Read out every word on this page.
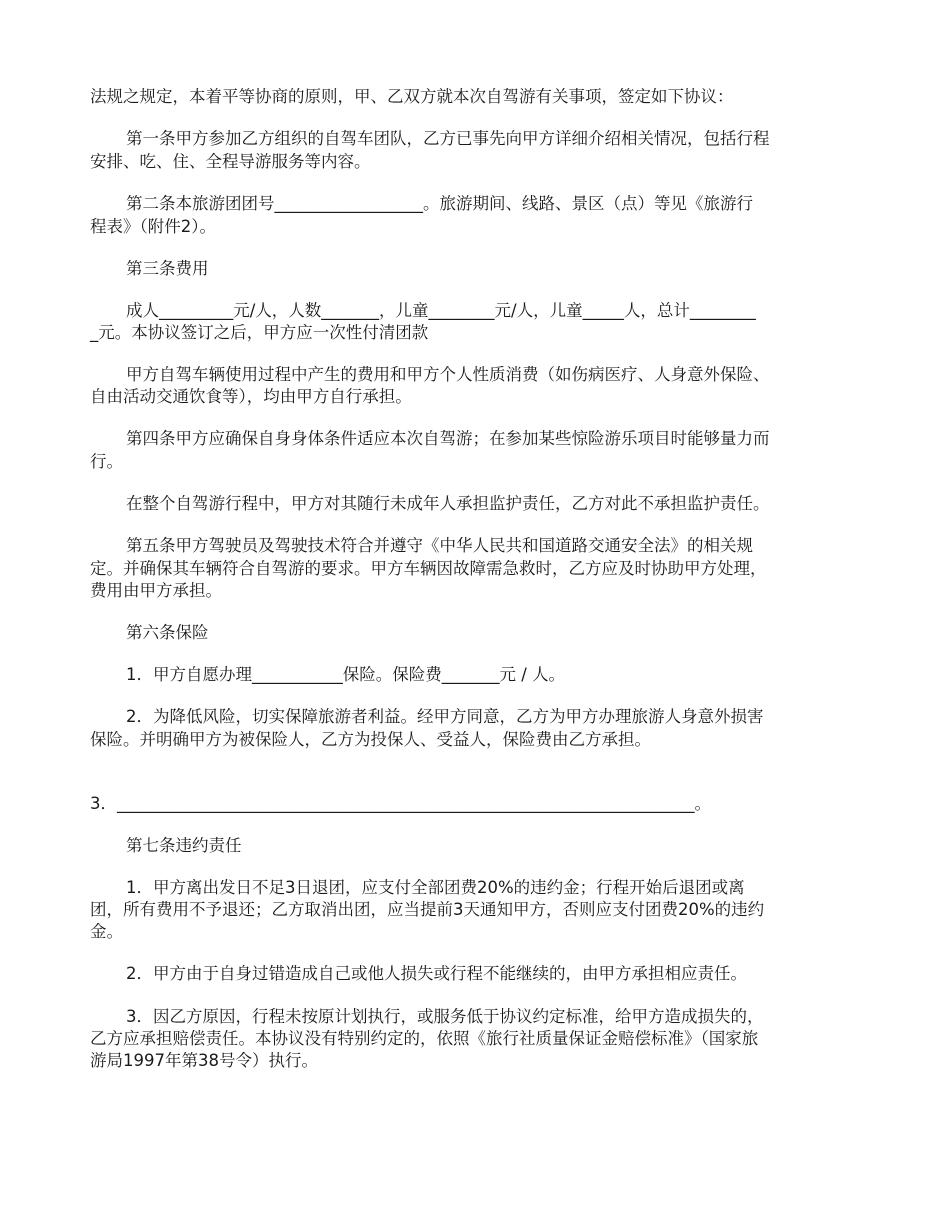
法规之规定，本着平等协商的原则，甲、乙双方就本次自驾游有关事项，签定如下协议：
第一条甲方参加乙方组织的自驾车团队，乙方已事先向甲方详细介绍相关情况，包括行程
安排、吃、住、全程导游服务等内容。
第二条本旅游团团号__________________。旅游期间、线路、景区（点）等见《旅游行
程表》（附件2）。
第三条费用
成人_________元/人，人数_______，儿童________元/人，儿童_____人，总计________
_元。本协议签订之后，甲方应一次性付清团款
甲方自驾车辆使用过程中产生的费用和甲方个人性质消费（如伤病医疗、人身意外保险、
自由活动交通饮食等），均由甲方自行承担。
第四条甲方应确保自身身体条件适应本次自驾游；在参加某些惊险游乐项目时能够量力而
行。
在整个自驾游行程中，甲方对其随行未成年人承担监护责任，乙方对此不承担监护责任。
第五条甲方驾驶员及驾驶技术符合并遵守《中华人民共和国道路交通安全法》的相关规
定。并确保其车辆符合自驾游的要求。甲方车辆因故障需急救时，乙方应及时协助甲方处理，
费用由甲方承担。
第六条保险
1．甲方自愿办理___________保险。保险费_______元 / 人。
2．为降低风险，切实保障旅游者利益。经甲方同意，乙方为甲方办理旅游人身意外损害
保险。并明确甲方为被保险人，乙方为投保人、受益人，保险费由乙方承担。
3．______________________________________________________________________。
第七条违约责任
1．甲方离出发日不足3日退团，应支付全部团费20%的违约金；行程开始后退团或离
团，所有费用不予退还；乙方取消出团，应当提前3天通知甲方，否则应支付团费20%的违约
金。
2．甲方由于自身过错造成自己或他人损失或行程不能继续的，由甲方承担相应责任。
3．因乙方原因，行程未按原计划执行，或服务低于协议约定标准，给甲方造成损失的，
乙方应承担赔偿责任。本协议没有特别约定的，依照《旅行社质量保证金赔偿标准》（国家旅
游局1997年第38号令）执行。
